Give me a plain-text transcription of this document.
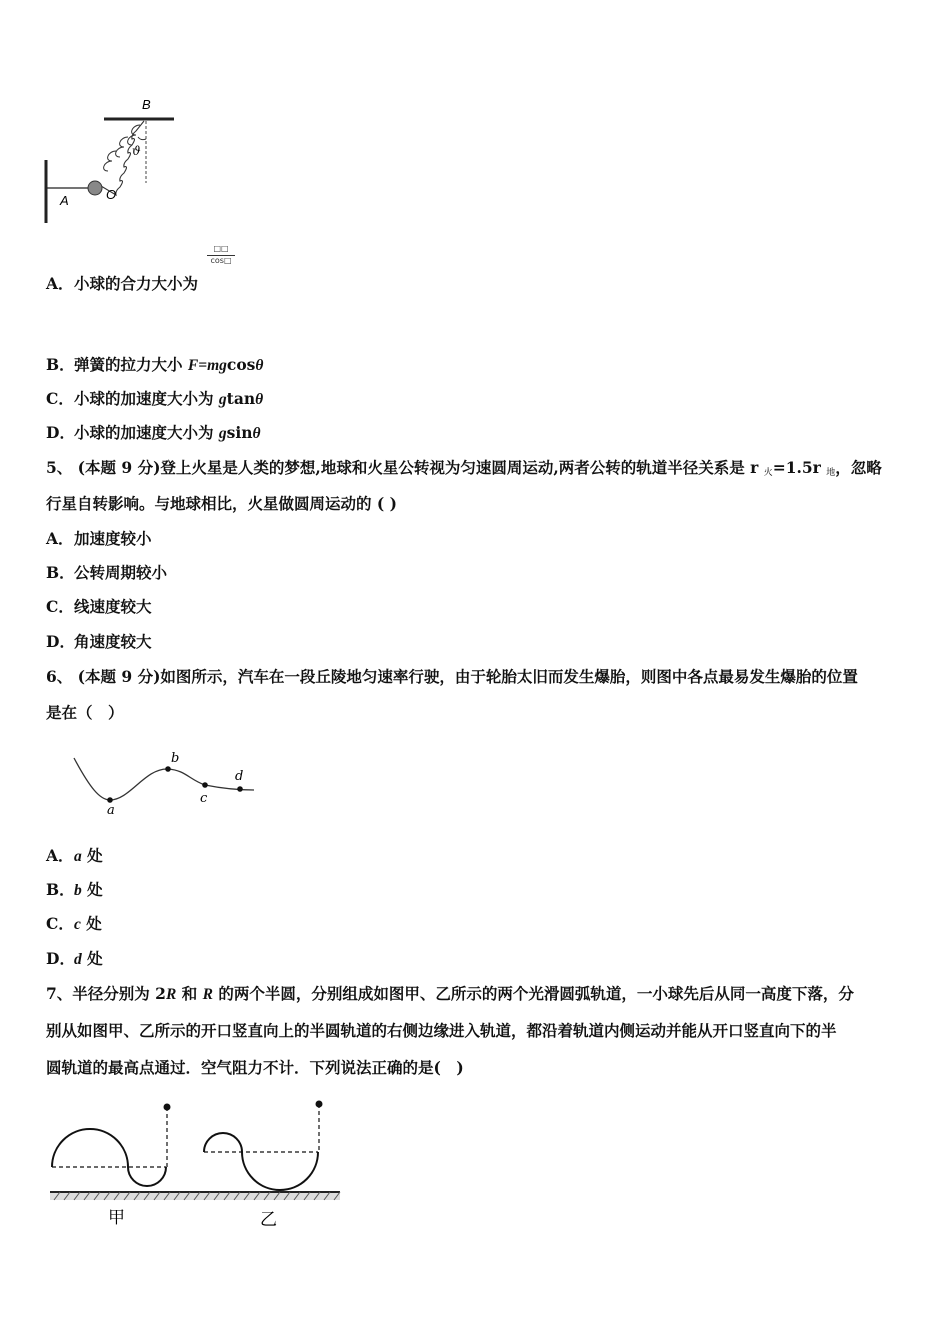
B
A	O
ϑ
□□
cos□
A．小球的合力大小为
B．弹簧的拉力大小 F=mgcosθ
C．小球的加速度大小为 gtanθ
D．小球的加速度大小为 gsinθ
5、 (本题 9 分)登上火星是人类的梦想,地球和火星公转视为匀速圆周运动,两者公转的轨道半径关系是 r $_火$=1.5r $_地$，忽略
行星自转影响。与地球相比，火星做圆周运动的 ( )
A．加速度较小
B．公转周期较小
C．线速度较大
D．角速度较大
6、 (本题 9 分)如图所示，汽车在一段丘陵地匀速率行驶，由于轮胎太旧而发生爆胎，则图中各点最易发生爆胎的位置
是在（　）
a
b
c
d
A．a 处
B．b 处
C．c 处
D．d 处
7、半径分别为 2R 和 R 的两个半圆，分别组成如图甲、乙所示的两个光滑圆弧轨道，一小球先后从同一高度下落，分
别从如图甲、乙所示的开口竖直向上的半圆轨道的右侧边缘进入轨道，都沿着轨道内侧运动并能从开口竖直向下的半
圆轨道的最高点通过．空气阻力不计．下列说法正确的是(　)
甲	乙
